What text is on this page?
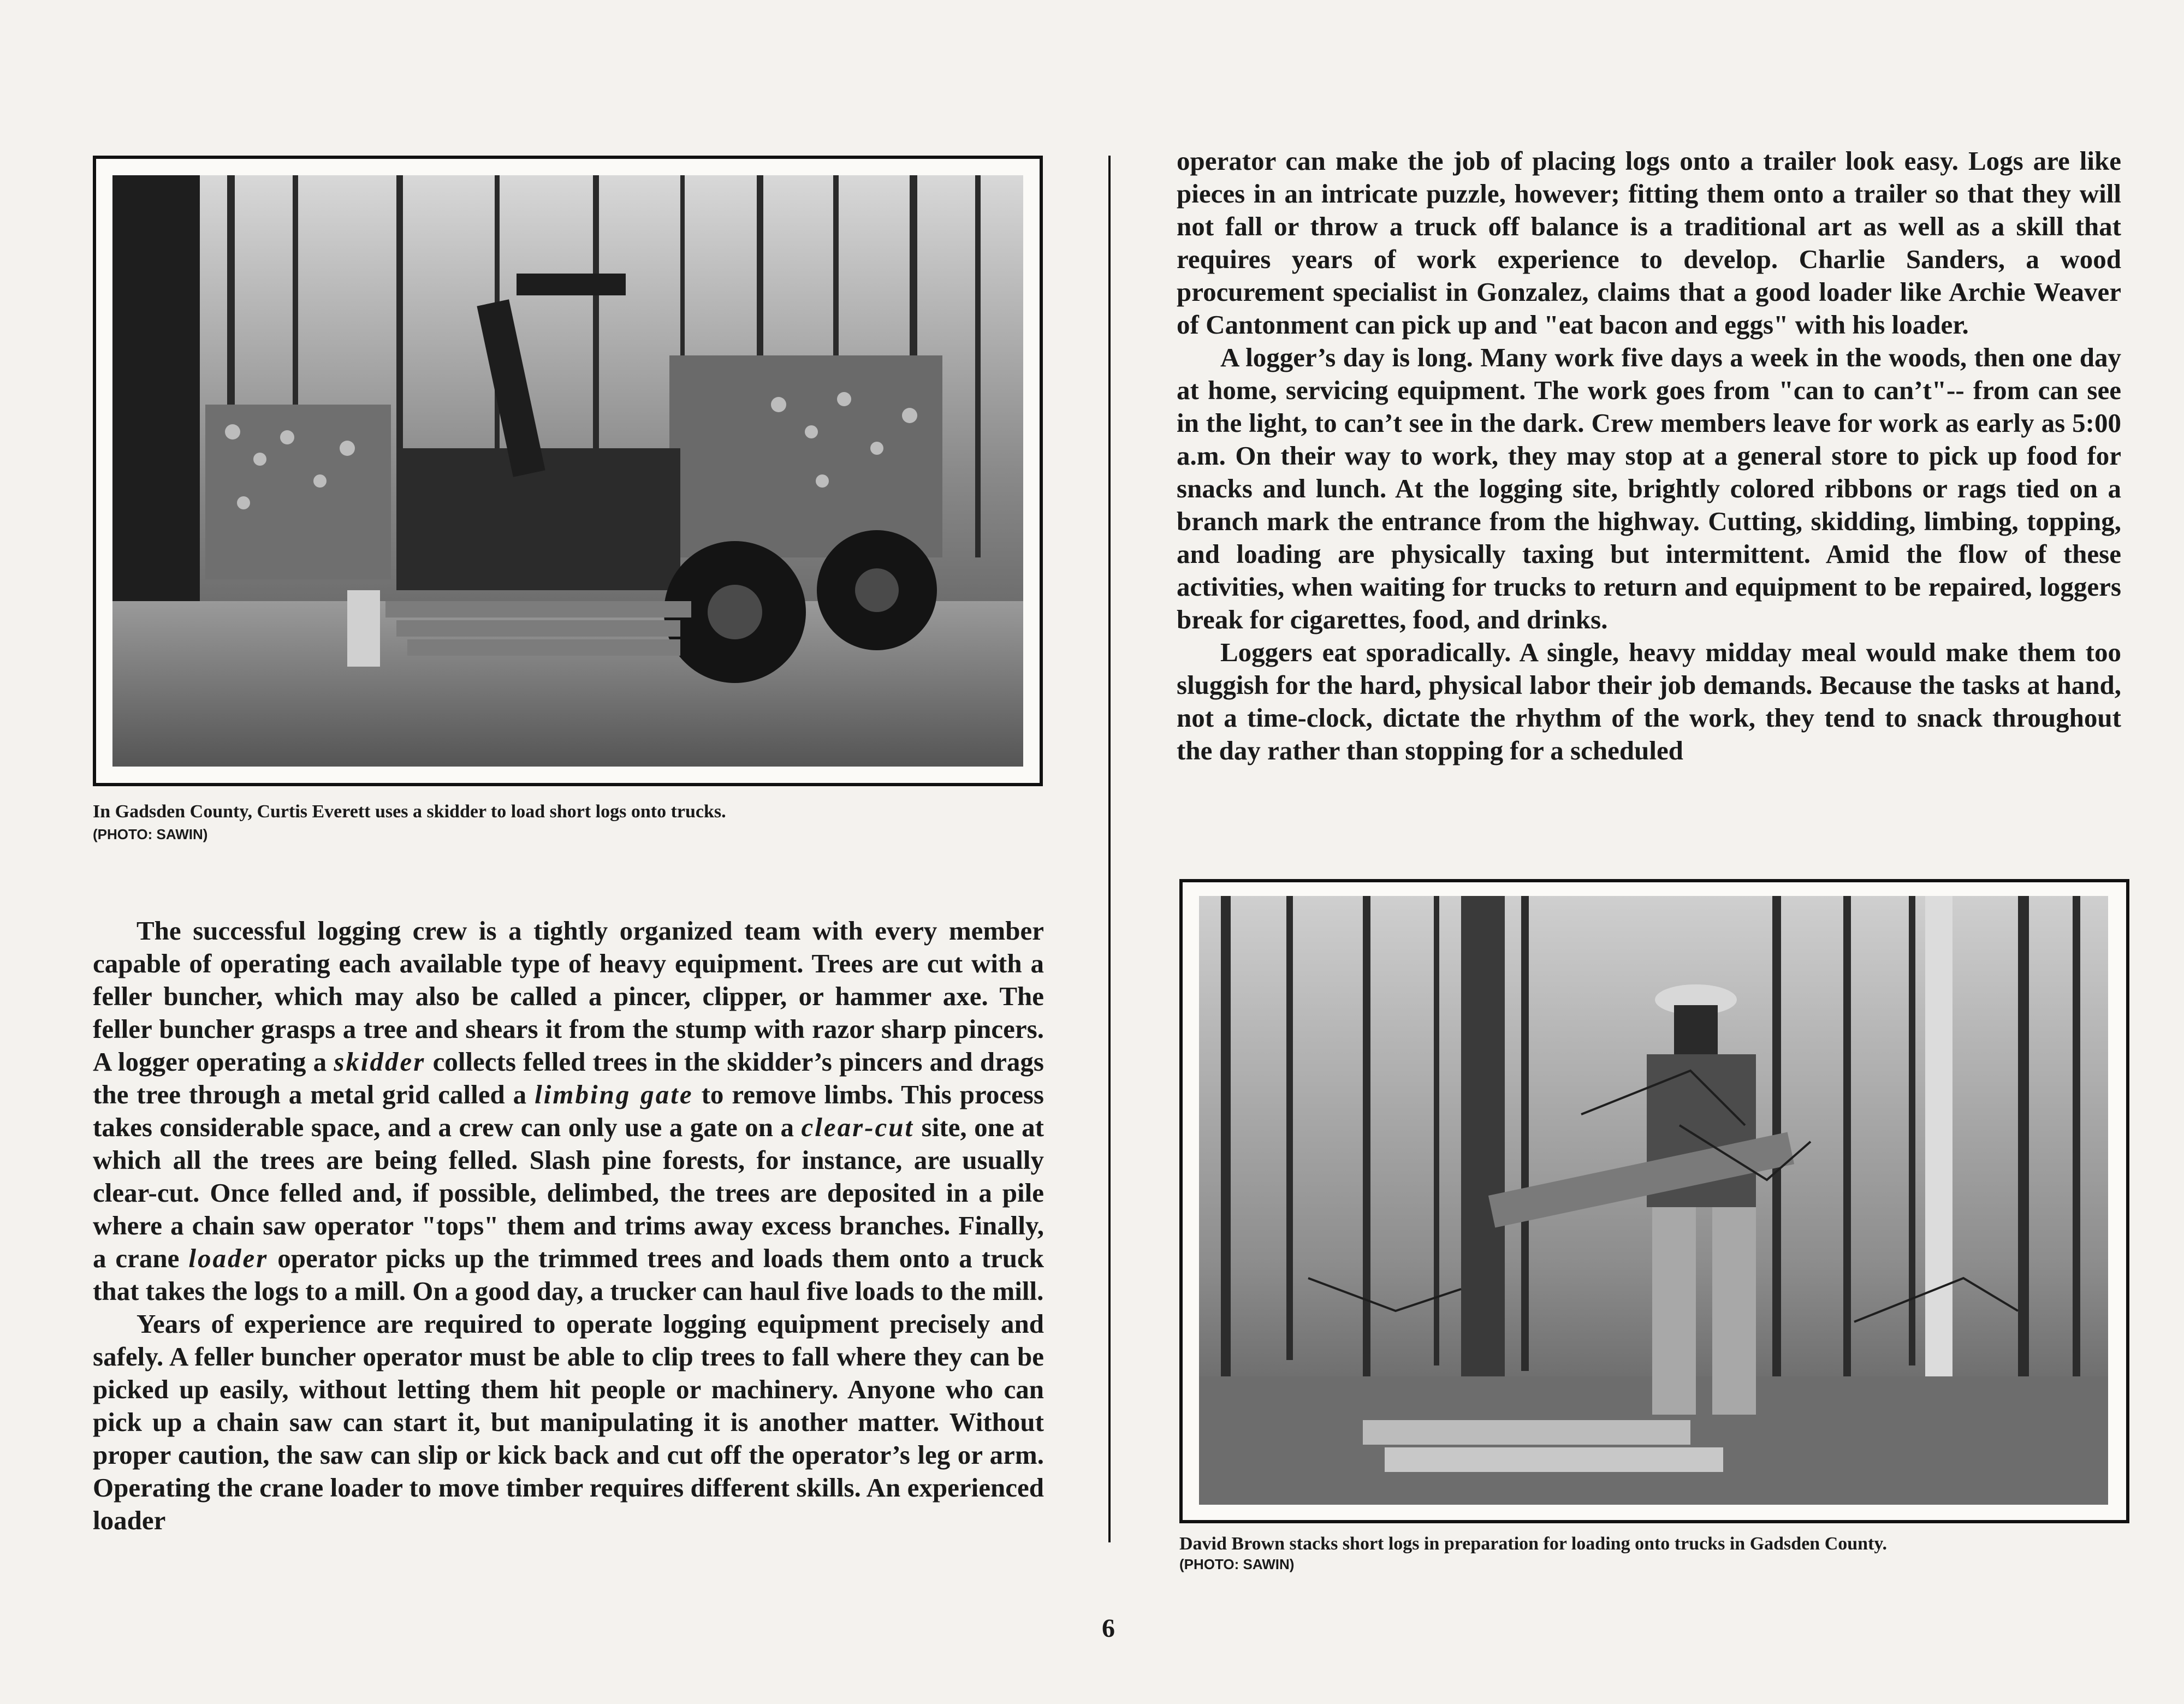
In Gadsden County, Curtis Everett uses a skidder to load short logs onto trucks.
(PHOTO: SAWIN)

The successful logging crew is a tightly organized team with every member capable of operating each available type of heavy equipment. Trees are cut with a feller buncher, which may also be called a pincer, clipper, or hammer axe. The feller buncher grasps a tree and shears it from the stump with razor sharp pincers. A logger operating a skidder collects felled trees in the skidder’s pincers and drags the tree through a metal grid called a limbing gate to remove limbs. This process takes considerable space, and a crew can only use a gate on a clear-cut site, one at which all the trees are being felled. Slash pine forests, for instance, are usually clear-cut. Once felled and, if possible, delimbed, the trees are deposited in a pile where a chain saw operator "tops" them and trims away excess branches. Finally, a crane loader operator picks up the trimmed trees and loads them onto a truck that takes the logs to a mill. On a good day, a trucker can haul five loads to the mill.

Years of experience are required to operate logging equipment precisely and safely. A feller buncher operator must be able to clip trees to fall where they can be picked up easily, without letting them hit people or machinery. Anyone who can pick up a chain saw can start it, but manipulating it is another matter. Without proper caution, the saw can slip or kick back and cut off the operator’s leg or arm. Operating the crane loader to move timber requires different skills. An experienced loader

operator can make the job of placing logs onto a trailer look easy. Logs are like pieces in an intricate puzzle, however; fitting them onto a trailer so that they will not fall or throw a truck off balance is a traditional art as well as a skill that requires years of work experience to develop. Charlie Sanders, a wood procurement specialist in Gonzalez, claims that a good loader like Archie Weaver of Cantonment can pick up and "eat bacon and eggs" with his loader.

A logger’s day is long. Many work five days a week in the woods, then one day at home, servicing equipment. The work goes from "can to can’t"-- from can see in the light, to can’t see in the dark. Crew members leave for work as early as 5:00 a.m. On their way to work, they may stop at a general store to pick up food for snacks and lunch. At the logging site, brightly colored ribbons or rags tied on a branch mark the entrance from the highway. Cutting, skidding, limbing, topping, and loading are physically taxing but intermittent. Amid the flow of these activities, when waiting for trucks to return and equipment to be repaired, loggers break for cigarettes, food, and drinks.

Loggers eat sporadically. A single, heavy midday meal would make them too sluggish for the hard, physical labor their job demands. Because the tasks at hand, not a time-clock, dictate the rhythm of the work, they tend to snack throughout the day rather than stopping for a scheduled

David Brown stacks short logs in preparation for loading onto trucks in Gadsden County.
(PHOTO: SAWIN)
6
